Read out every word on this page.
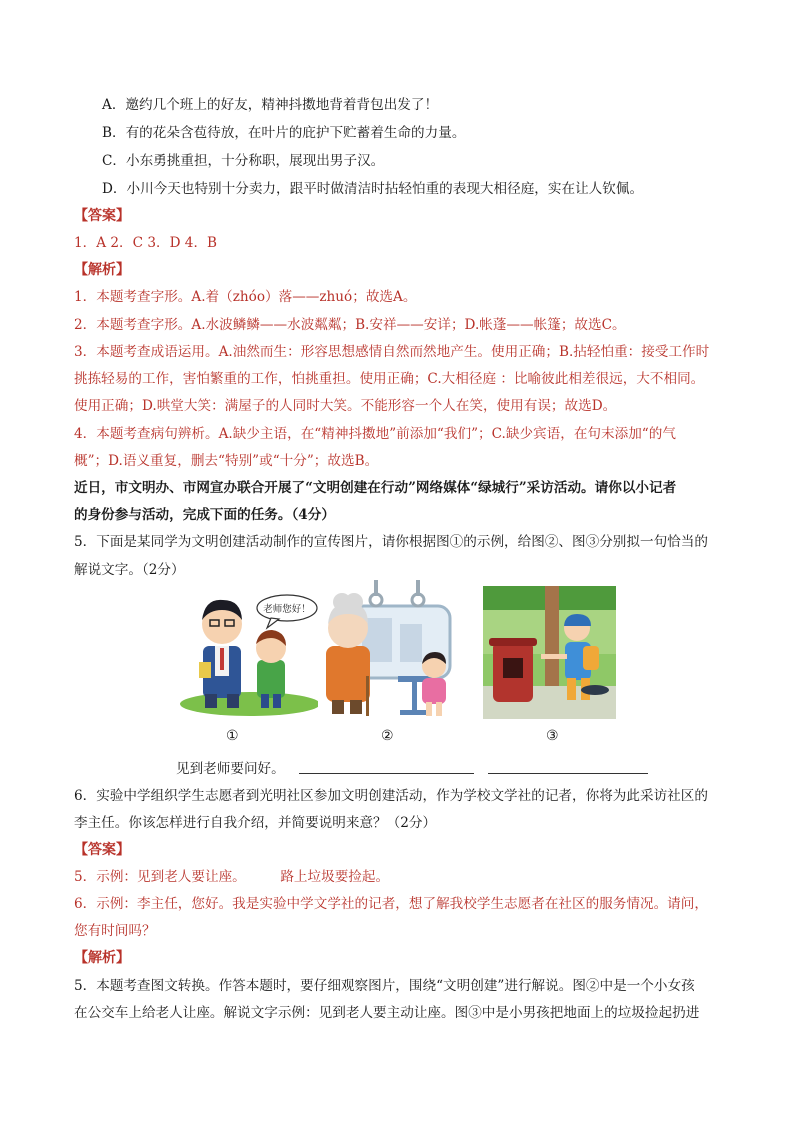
A．邀约几个班上的好友，精神抖擞地背着背包出发了！
B．有的花朵含苞待放，在叶片的庇护下贮蓄着生命的力量。
C．小东勇挑重担，十分称职，展现出男子汉。
D．小川今天也特别十分卖力，跟平时做清洁时拈轻怕重的表现大相径庭，实在让人钦佩。
【答案】
1．A 2．C 3．D 4．B
【解析】
1．本题考查字形。A.着（zhóo）落——zhuó；故选A。
2．本题考查字形。A.水波鳞鳞——水波粼粼；B.安祥——安详；D.帐蓬——帐篷；故选C。
3．本题考查成语运用。A.油然而生：形容思想感情自然而然地产生。使用正确；B.拈轻怕重：接受工作时
挑拣轻易的工作，害怕繁重的工作，怕挑重担。使用正确；C.大相径庭 ：比喻彼此相差很远，大不相同。
使用正确；D.哄堂大笑：满屋子的人同时大笑。不能形容一个人在笑，使用有误；故选D。
4．本题考查病句辨析。A.缺少主语，在“精神抖擞地”前添加“我们”；C.缺少宾语，在句末添加“的气
概”；D.语义重复，删去“特别”或“十分”；故选B。
近日，市文明办、市网宣办联合开展了“文明创建在行动”网络媒体“绿城行”采访活动。请你以小记者
的身份参与活动，完成下面的任务。（4分）
5．下面是某同学为文明创建活动制作的宣传图片，请你根据图①的示例，给图②、图③分别拟一句恰当的
解说文字。（2分）
老师您好！
①	②	③
见到老师要问好。
6．实验中学组织学生志愿者到光明社区参加文明创建活动，作为学校文学社的记者，你将为此采访社区的
李主任。你该怎样进行自我介绍，并简要说明来意？（2分）
【答案】
5．示例：见到老人要让座。        路上垃圾要捡起。
6．示例：李主任，您好。我是实验中学文学社的记者，想了解我校学生志愿者在社区的服务情况。请问，
您有时间吗？
【解析】
5．本题考查图文转换。作答本题时，要仔细观察图片，围绕“文明创建”进行解说。图②中是一个小女孩
在公交车上给老人让座。解说文字示例：见到老人要主动让座。图③中是小男孩把地面上的垃圾捡起扔进
